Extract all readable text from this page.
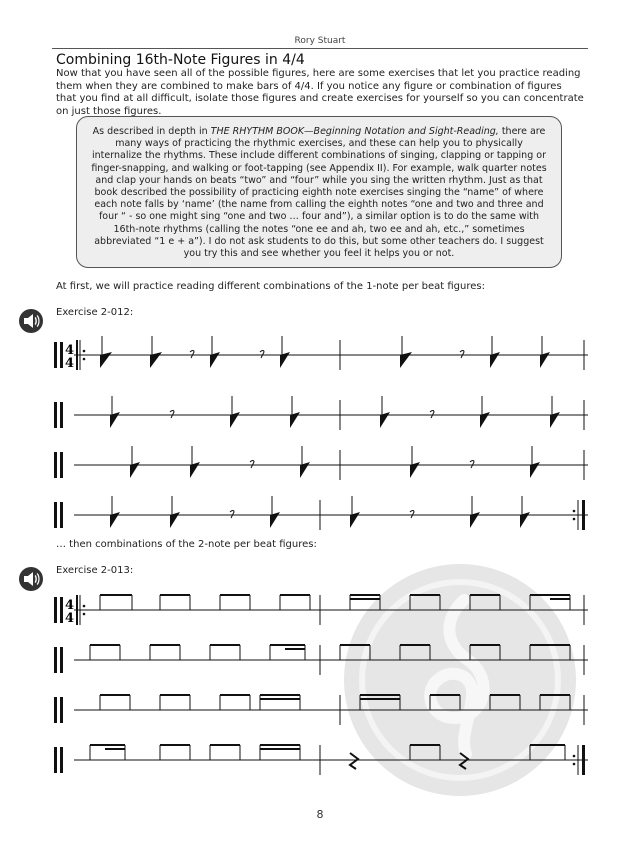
Rory Stuart
Combining 16th-Note Figures in 4/4
Now that you have seen all of the possible figures, here are some exercises that let you practice reading them when they are combined to make bars of 4/4. If you notice any figure or combination of figures that you find at all difficult, isolate those figures and create exercises for yourself so you can concentrate on just those figures.
As described in depth in THE RHYTHM BOOK—Beginning Notation and Sight-Reading, there are many ways of practicing the rhythmic exercises, and these can help you to physically internalize the rhythms. These include different combinations of singing, clapping or tapping or finger-snapping, and walking or foot-tapping (see Appendix II). For example, walk quarter notes and clap your hands on beats “two” and “four” while you sing the written rhythm. Just as that book described the possibility of practicing eighth note exercises singing the “name” of where each note falls by ‘name’ (the name from calling the eighth notes “one and two and three and four “ - so one might sing “one and two … four and”), a similar option is to do the same with 16th-note rhythms (calling the notes “one ee and ah, two ee and ah, etc.,” sometimes abbreviated “1 e + a”). I do not ask students to do this, but some other teachers do. I suggest you try this and see whether you feel it helps you or not.
At first, we will practice reading different combinations of the 1-note per beat figures:
Exercise 2-012:
4
4
… then combinations of the 2-note per beat figures:
Exercise 2-013:
4
4
8
